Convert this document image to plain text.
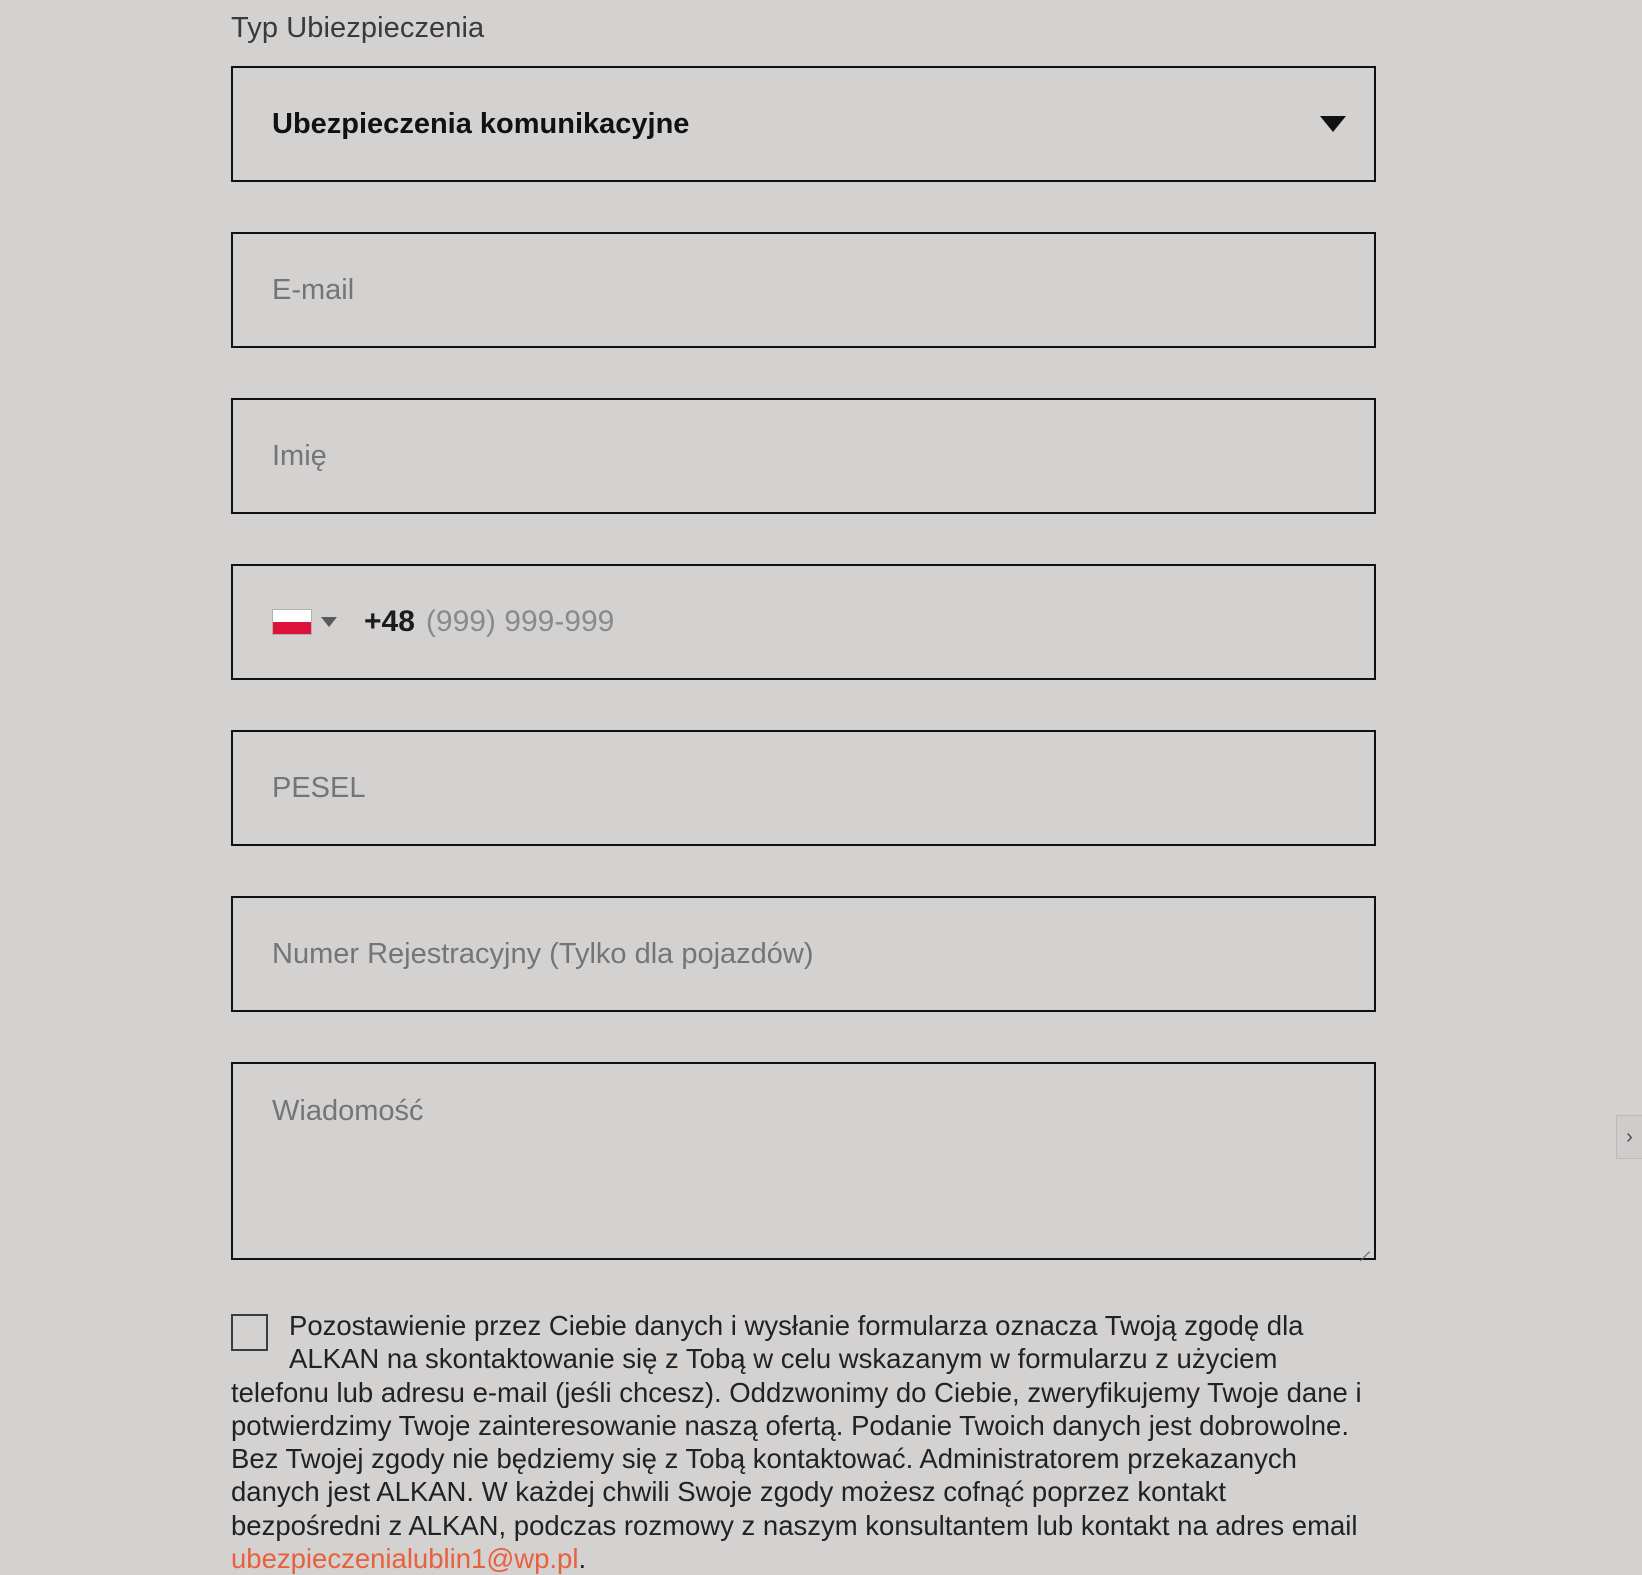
Typ Ubiezpieczenia
Ubezpieczenia komunikacyjne
E-mail
Imię
+48 (999) 999-999
PESEL
Numer Rejestracyjny (Tylko dla pojazdów)
Wiadomość
Pozostawienie przez Ciebie danych i wysłanie formularza oznacza Twoją zgodę dla ALKAN na skontaktowanie się z Tobą w celu wskazanym w formularzu z użyciem telefonu lub adresu e-mail (jeśli chcesz). Oddzwonimy do Ciebie, zweryfikujemy Twoje dane i potwierdzimy Twoje zainteresowanie naszą ofertą. Podanie Twoich danych jest dobrowolne. Bez Twojej zgody nie będziemy się z Tobą kontaktować. Administratorem przekazanych danych jest ALKAN. W każdej chwili Swoje zgody możesz cofnąć poprzez kontakt bezpośredni z ALKAN, podczas rozmowy z naszym konsultantem lub kontakt na adres email ubezpieczenialublin1@wp.pl.
›
